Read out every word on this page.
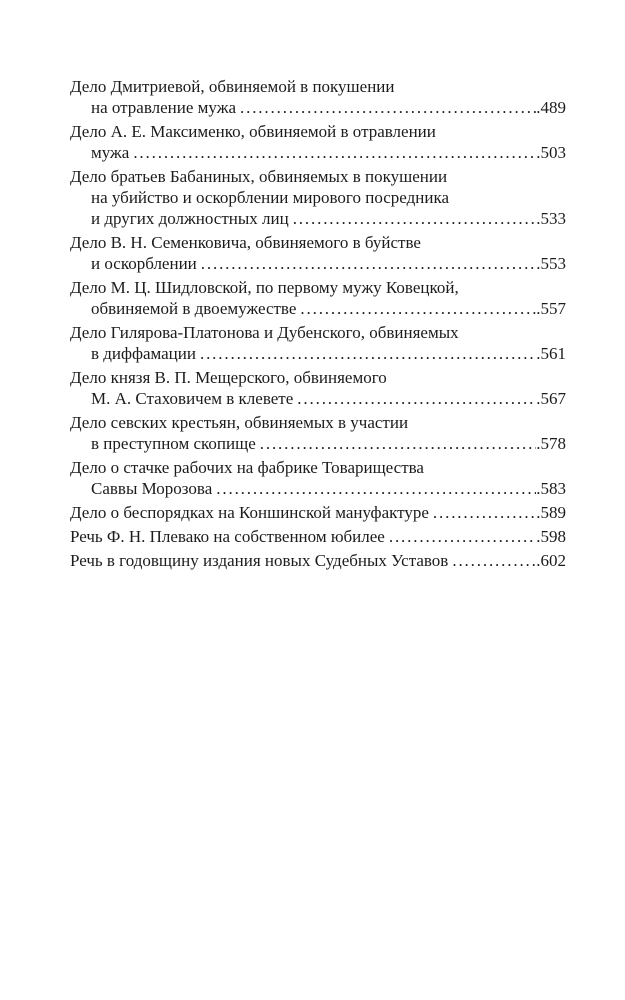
Дело Дмитриевой, обвиняемой в покушении
на отравление мужа . . .	.489
Дело А. Е. Максименко, обвиняемой в отравлении
мужа . . .	.503
Дело братьев Бабаниных, обвиняемых в покушении
на убийство и оскорблении мирового посредника
и других должностных лиц . . .	.533
Дело В. Н. Семенковича, обвиняемого в буйстве
и оскорблении . . .	.553
Дело М. Ц. Шидловской, по первому мужу Ковецкой,
обвиняемой в двоемужестве . . .	.557
Дело Гилярова-Платонова и Дубенского, обвиняемых
в диффамации . . .	.561
Дело князя В. П. Мещерского, обвиняемого
М. А. Стаховичем в клевете . . .	.567
Дело севских крестьян, обвиняемых в участии
в преступном скопище . . .	.578
Дело о стачке рабочих на фабрике Товарищества
Саввы Морозова . . .	.583
Дело о беспорядках на Коншинской мануфактуре . . .	.589
Речь Ф. Н. Плевако на собственном юбилее . . .	.598
Речь в годовщину издания новых Судебных Уставов . . .	.602
